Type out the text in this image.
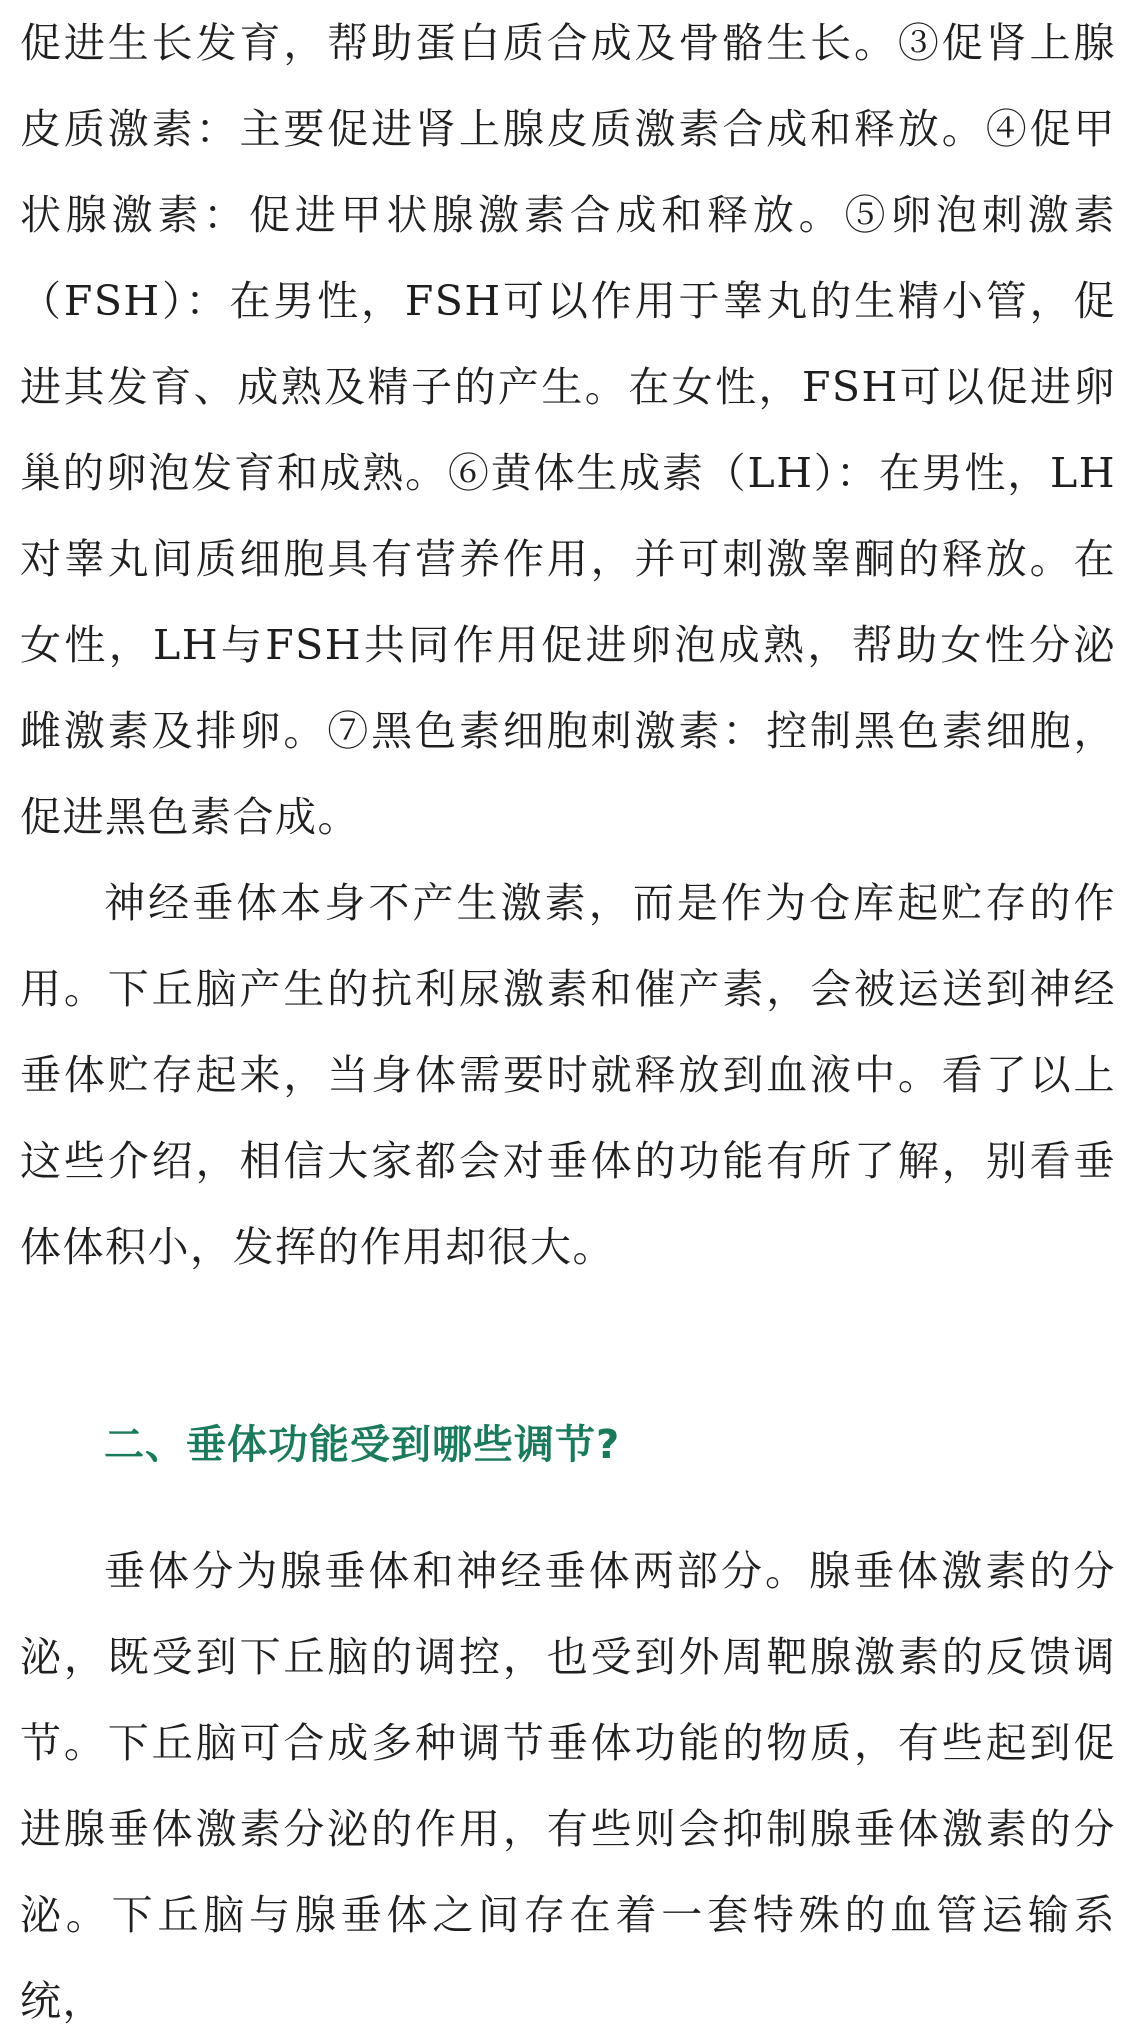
促进生长发育，帮助蛋白质合成及骨骼生长。③促肾上腺皮质激素：主要促进肾上腺皮质激素合成和释放。④促甲状腺激素：促进甲状腺激素合成和释放。⑤卵泡刺激素（FSH）：在男性，FSH可以作用于睾丸的生精小管，促进其发育、成熟及精子的产生。在女性，FSH可以促进卵巢的卵泡发育和成熟。⑥黄体生成素（LH）：在男性，LH对睾丸间质细胞具有营养作用，并可刺激睾酮的释放。在女性，LH与FSH共同作用促进卵泡成熟，帮助女性分泌雌激素及排卵。⑦黑色素细胞刺激素：控制黑色素细胞，促进黑色素合成。

神经垂体本身不产生激素，而是作为仓库起贮存的作用。下丘脑产生的抗利尿激素和催产素，会被运送到神经垂体贮存起来，当身体需要时就释放到血液中。看了以上这些介绍，相信大家都会对垂体的功能有所了解，别看垂体体积小，发挥的作用却很大。

二、垂体功能受到哪些调节?

垂体分为腺垂体和神经垂体两部分。腺垂体激素的分泌，既受到下丘脑的调控，也受到外周靶腺激素的反馈调节。下丘脑可合成多种调节垂体功能的物质，有些起到促进腺垂体激素分泌的作用，有些则会抑制腺垂体激素的分泌。下丘脑与腺垂体之间存在着一套特殊的血管运输系统，
